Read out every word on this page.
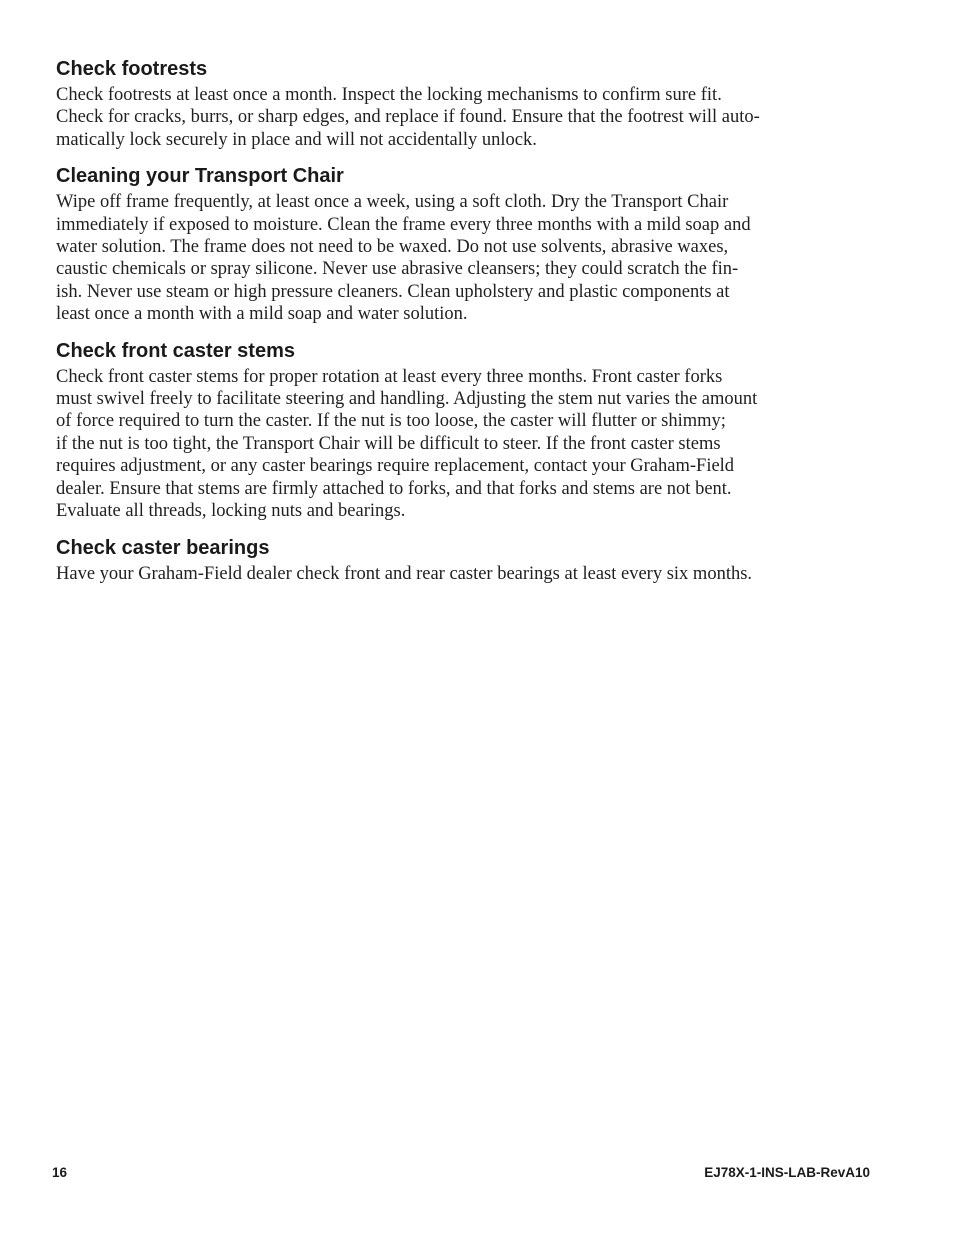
Check footrests

Check footrests at least once a month. Inspect the locking mechanisms to confirm sure fit.
Check for cracks, burrs, or sharp edges, and replace if found. Ensure that the footrest will auto-
matically lock securely in place and will not accidentally unlock.

Cleaning your Transport Chair

Wipe off frame frequently, at least once a week, using a soft cloth. Dry the Transport Chair
immediately if exposed to moisture. Clean the frame every three months with a mild soap and
water solution. The frame does not need to be waxed. Do not use solvents, abrasive waxes,
caustic chemicals or spray silicone. Never use abrasive cleansers; they could scratch the fin-
ish. Never use steam or high pressure cleaners. Clean upholstery and plastic components at
least once a month with a mild soap and water solution.

Check front caster stems

Check front caster stems for proper rotation at least every three months. Front caster forks
must swivel freely to facilitate steering and handling. Adjusting the stem nut varies the amount
of force required to turn the caster. If the nut is too loose, the caster will flutter or shimmy;
if the nut is too tight, the Transport Chair will be difficult to steer. If the front caster stems
requires adjustment, or any caster bearings require replacement, contact your Graham-Field
dealer. Ensure that stems are firmly attached to forks, and that forks and stems are not bent.
Evaluate all threads, locking nuts and bearings.

Check caster bearings

Have your Graham-Field dealer check front and rear caster bearings at least every six months.

16	EJ78X-1-INS-LAB-RevA10
